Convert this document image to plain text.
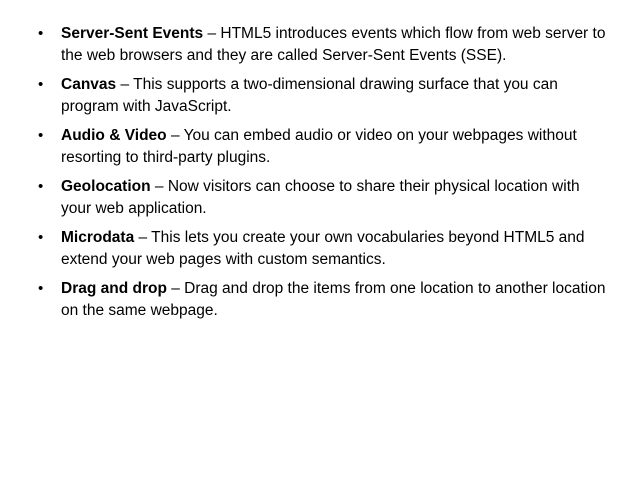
•	Server-Sent Events – HTML5 introduces events which flow from web server to the web browsers and they are called Server-Sent Events (SSE).
•	Canvas – This supports a two-dimensional drawing surface that you can program with JavaScript.
•	Audio & Video – You can embed audio or video on your webpages without resorting to third-party plugins.
•	Geolocation – Now visitors can choose to share their physical location with your web application.
•	Microdata – This lets you create your own vocabularies beyond HTML5 and extend your web pages with custom semantics.
•	Drag and drop – Drag and drop the items from one location to another location on the same webpage.
